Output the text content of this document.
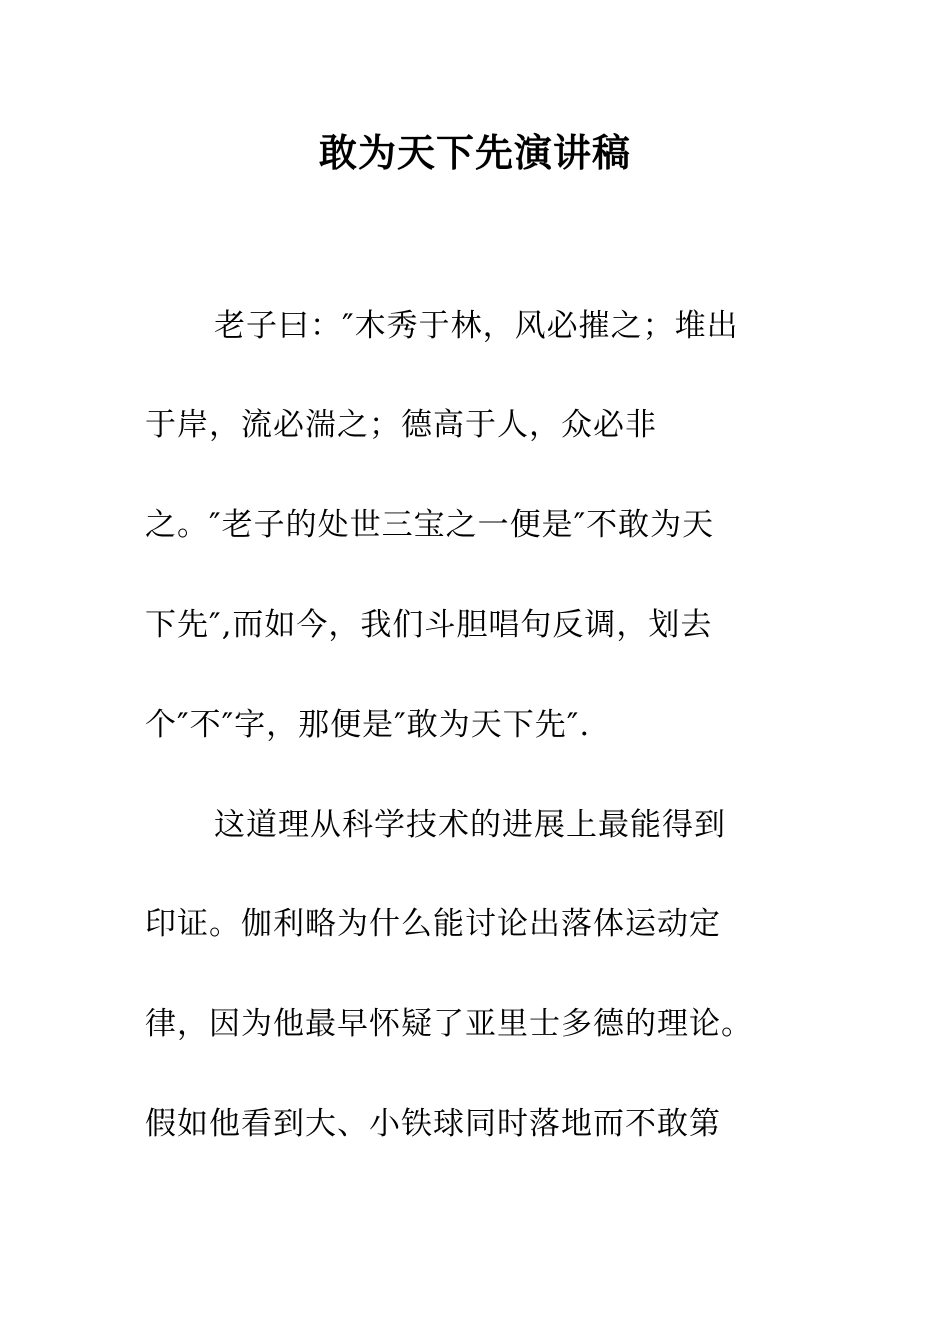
敢为天下先演讲稿
老子曰：″木秀于林，风必摧之；堆出
于岸，流必湍之；德高于人，众必非
之。″老子的处世三宝之一便是″不敢为天
下先″,而如今，我们斗胆唱句反调，划去
个″不″字，那便是″敢为天下先″.
这道理从科学技术的进展上最能得到
印证。伽利略为什么能讨论出落体运动定
律，因为他最早怀疑了亚里士多德的理论。
假如他看到大、小铁球同时落地而不敢第
